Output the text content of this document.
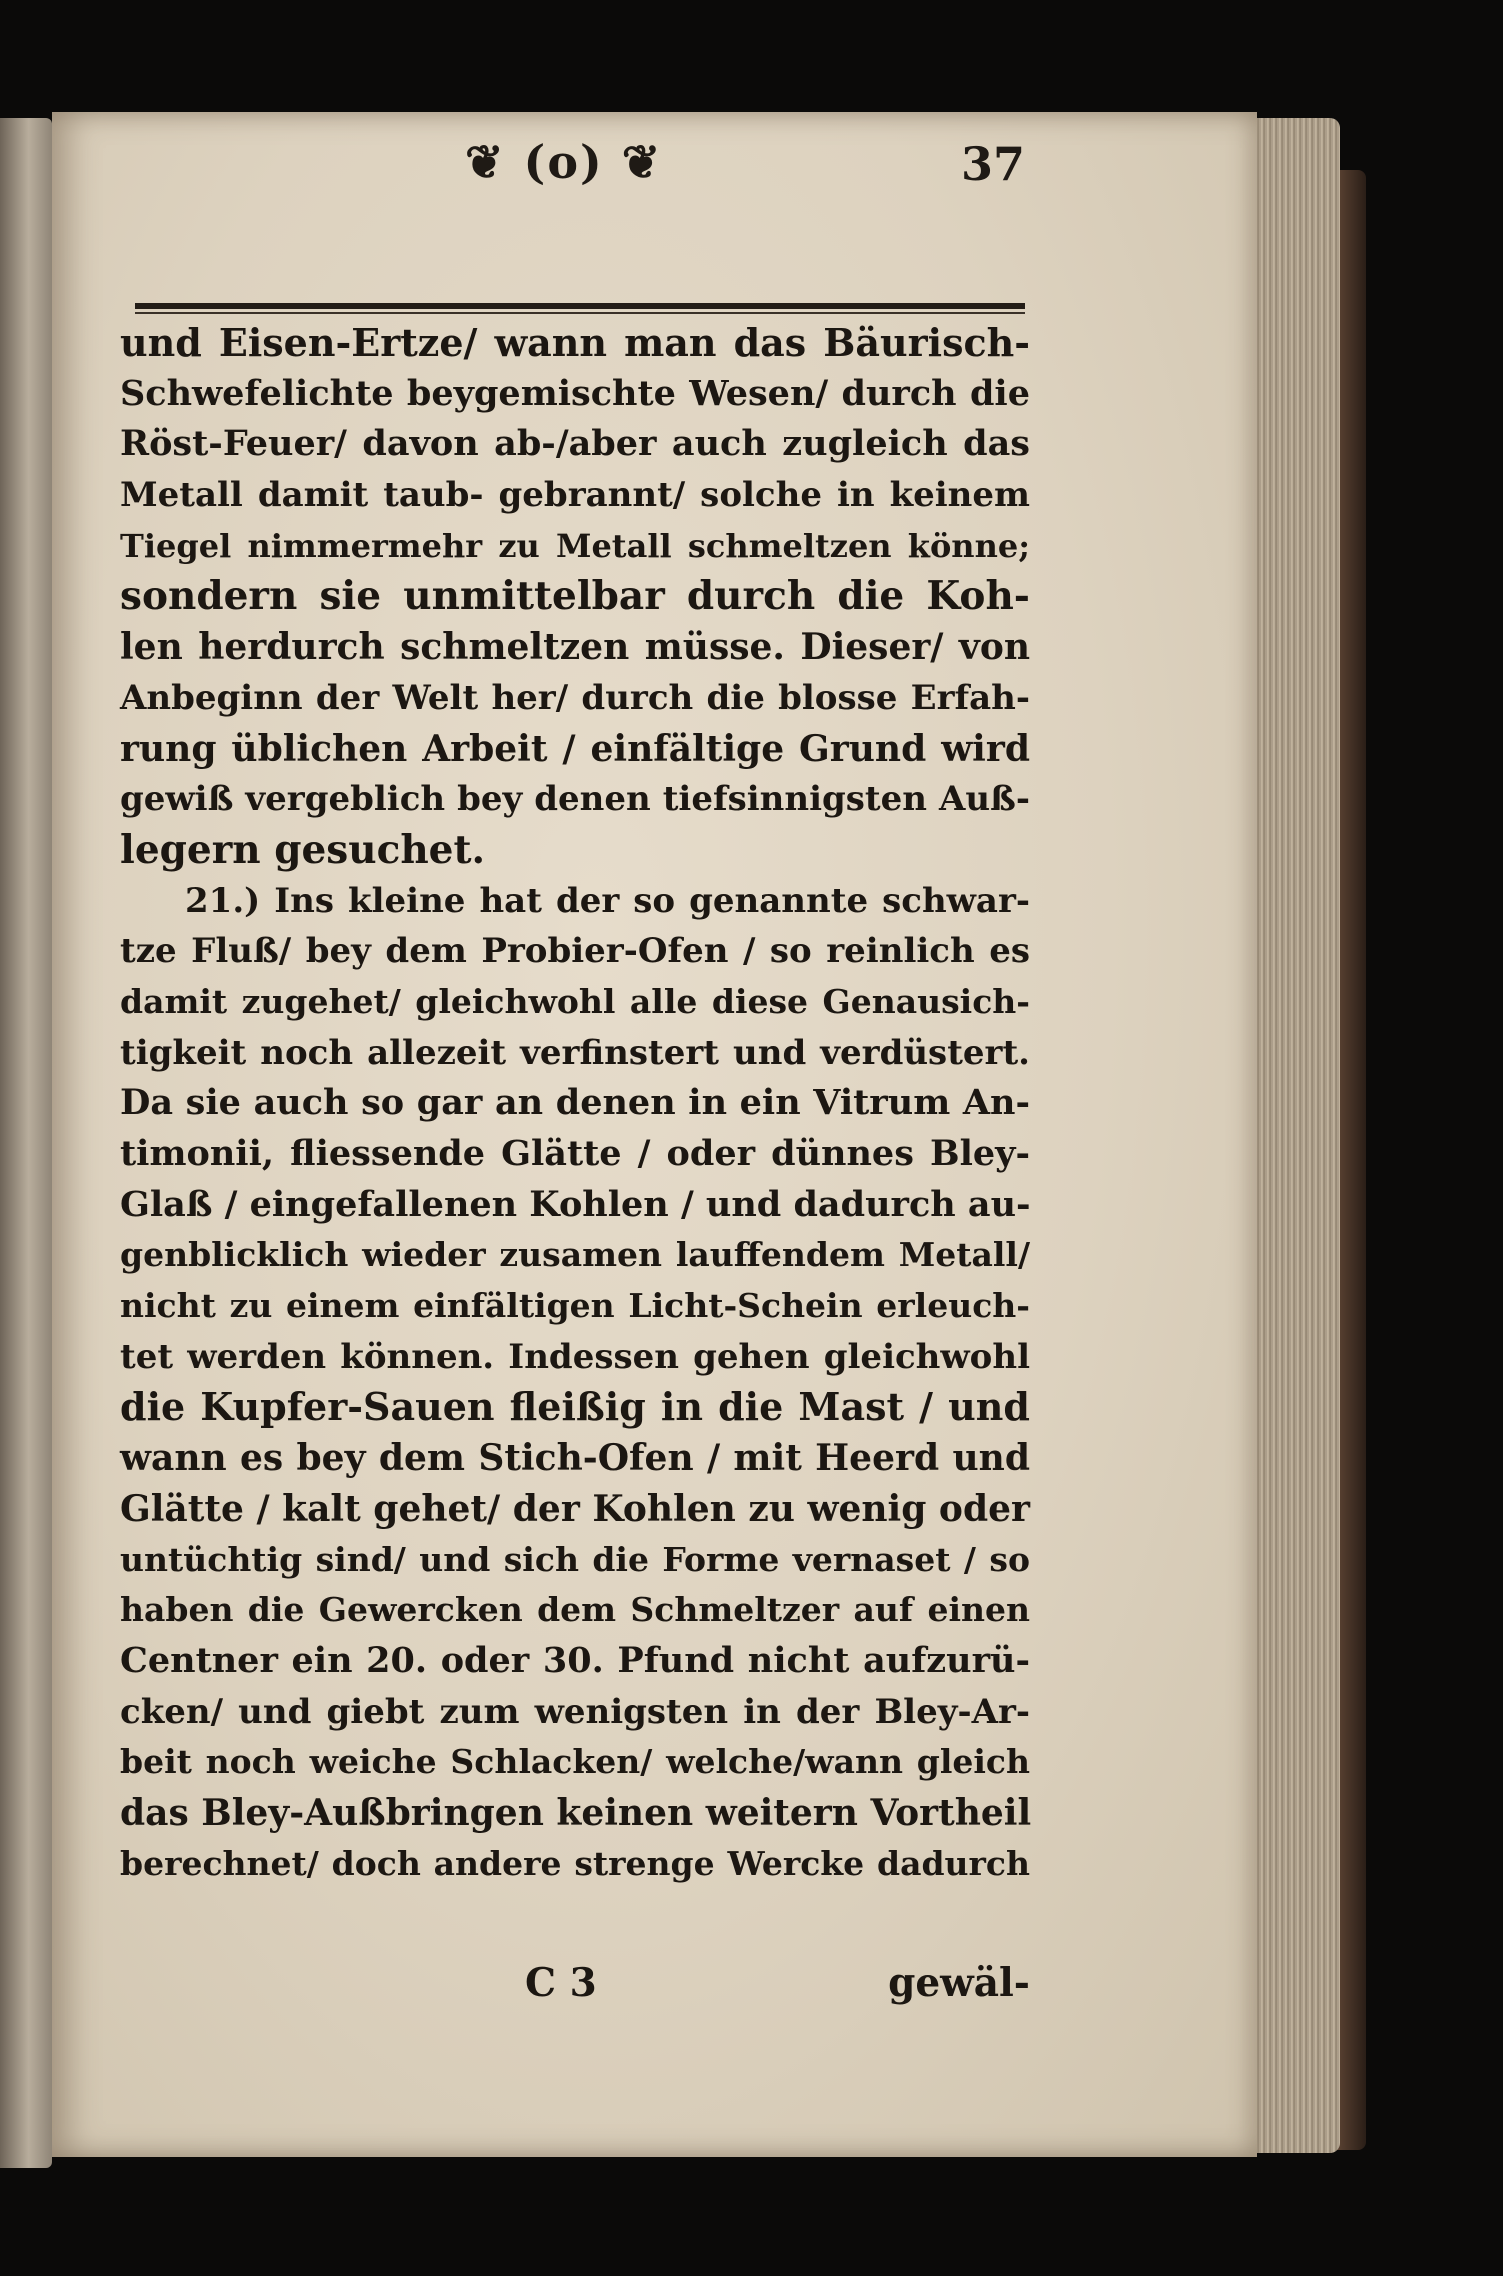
❦ (o) ❦	37
und Eisen-Ertze/ wann man das Bäurisch-
Schwefelichte beygemischte Wesen/ durch die
Röst-Feuer/ davon ab-/aber auch zugleich das
Metall damit taub- gebrannt/ solche in keinem
Tiegel nimmermehr zu Metall schmeltzen könne;
sondern sie unmittelbar durch die Koh-
len herdurch schmeltzen müsse. Dieser/ von
Anbeginn der Welt her/ durch die blosse Erfah-
rung üblichen Arbeit / einfältige Grund wird
gewiß vergeblich bey denen tiefsinnigsten Auß-
legern gesuchet.
21.) Ins kleine hat der so genannte schwar-
tze Fluß/ bey dem Probier-Ofen / so reinlich es
damit zugehet/ gleichwohl alle diese Genausich-
tigkeit noch allezeit verfinstert und verdüstert.
Da sie auch so gar an denen in ein Vitrum An-
timonii, fliessende Glätte / oder dünnes Bley-
Glaß / eingefallenen Kohlen / und dadurch au-
genblicklich wieder zusamen lauffendem Metall/
nicht zu einem einfältigen Licht-Schein erleuch-
tet werden können. Indessen gehen gleichwohl
die Kupfer-Sauen fleißig in die Mast / und
wann es bey dem Stich-Ofen / mit Heerd und
Glätte / kalt gehet/ der Kohlen zu wenig oder
untüchtig sind/ und sich die Forme vernaset / so
haben die Gewercken dem Schmeltzer auf einen
Centner ein 20. oder 30. Pfund nicht aufzurü-
cken/ und giebt zum wenigsten in der Bley-Ar-
beit noch weiche Schlacken/ welche/wann gleich
das Bley-Außbringen keinen weitern Vortheil
berechnet/ doch andere strenge Wercke dadurch
C 3	gewäl-
